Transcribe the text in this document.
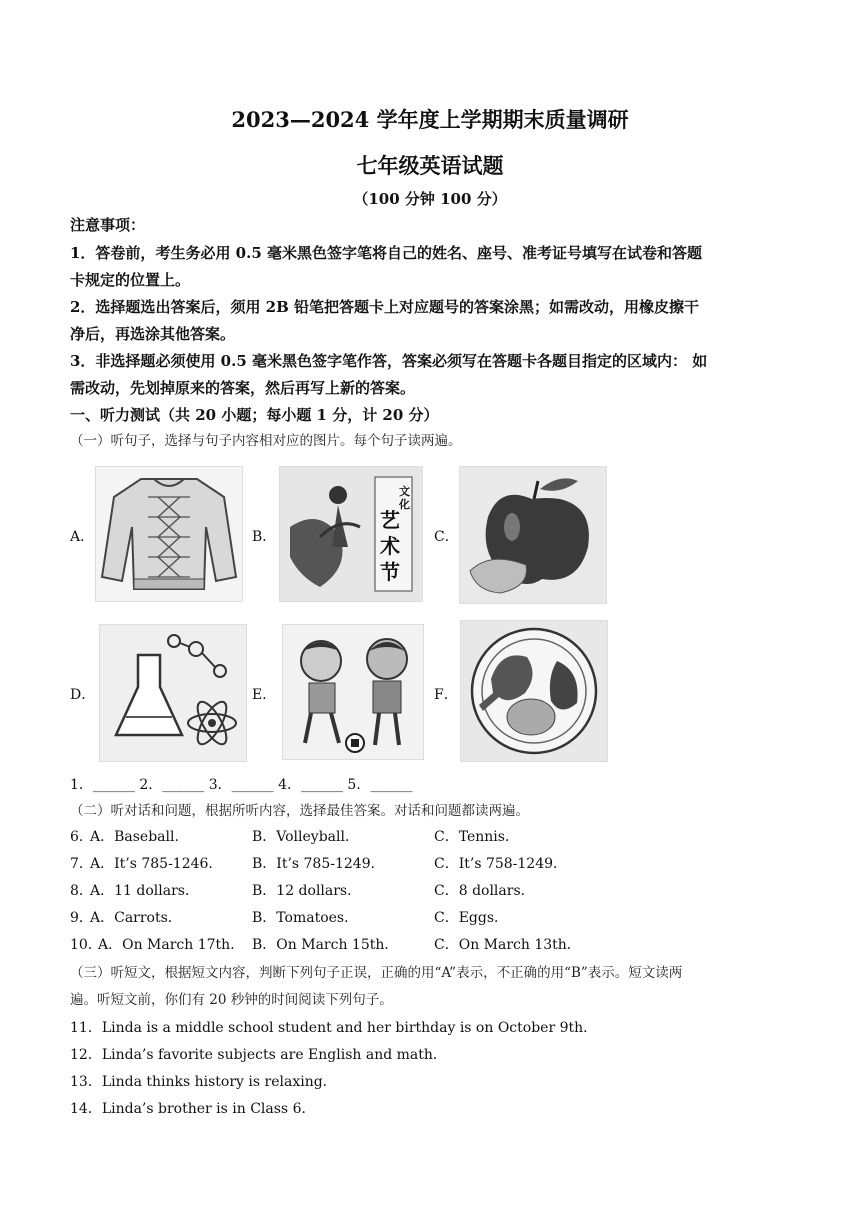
2023—2024 学年度上学期期末质量调研
七年级英语试题
（100 分钟 100 分）
注意事项：
1．答卷前，考生务必用 0.5 毫米黑色签字笔将自己的姓名、座号、准考证号填写在试卷和答题
卡规定的位置上。
2．选择题选出答案后，须用 2B 铅笔把答题卡上对应题号的答案涂黑；如需改动，用橡皮擦干
净后，再选涂其他答案。
3．非选择题必须使用 0.5 毫米黑色签字笔作答，答案必须写在答题卡各题目指定的区域内： 如
需改动，先划掉原来的答案，然后再写上新的答案。
一、听力测试（共 20 小题；每小题 1 分，计 20 分）
（一）听句子，选择与句子内容相对应的图片。每个句子读两遍。
A．	B．
文化
艺术节
C．
D．	E．	F．
1．______ 2．______ 3．______ 4．______ 5．______
（二）听对话和问题，根据所听内容，选择最佳答案。对话和问题都读两遍。
6．
A．Baseball．	B．Volleyball．	C．Tennis．
7．
A．It’s 785-1246． B．It’s 785-1249．	C．It’s 758-1249．
8．
A．11 dollars．	B．12 dollars．	C．8 dollars．
9．
A．Carrots．	B．Tomatoes．	C．Eggs．
10．
A．On March 17th． B．On March 15th．	C．On March 13th．
（三）听短文，根据短文内容，判断下列句子正误，正确的用“A”表示，不正确的用“B”表示。短文读两
遍。听短文前，你们有 20 秒钟的时间阅读下列句子。
11．Linda is a middle school student and her birthday is on October 9th．
12．Linda’s favorite subjects are English and math．
13．Linda thinks history is relaxing．
14．Linda’s brother is in Class 6．
